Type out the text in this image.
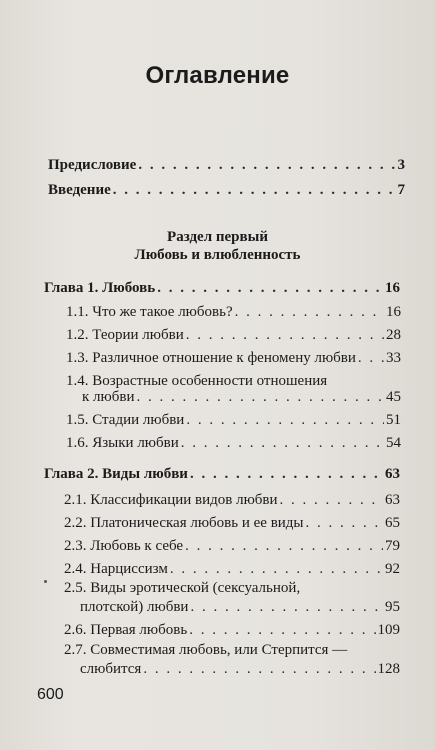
Оглавление
Предисловие . . .	3
Введение . . .	7
Раздел первый
Любовь и влюбленность
Глава 1. Любовь . . .	16
1.1. Что же такое любовь? . . .	16
1.2. Теории любви . . .	28
1.3. Различное отношение к феномену любви . . . 33
1.4. Возрастные особенности отношения
к любви . . .	45
1.5. Стадии любви . . .	51
1.6. Языки любви . . .	54
Глава 2. Виды любви . . .	63
2.1. Классификации видов любви . . .	63
2.2. Платоническая любовь и ее виды . . .	65
2.3. Любовь к себе . . .	79
2.4. Нарциссизм . . .	92
2.5. Виды эротической (сексуальной,
плотской) любви . . .	95
2.6. Первая любовь . . .	109
2.7. Совместимая любовь, или Стерпится —
слюбится . . .	128
600
